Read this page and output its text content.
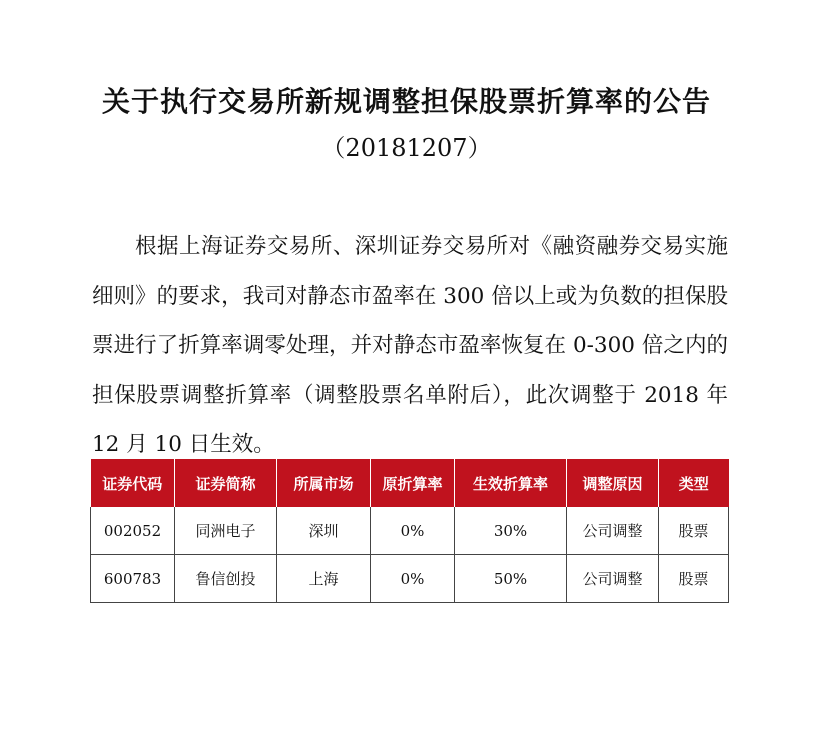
关于执行交易所新规调整担保股票折算率的公告
（20181207）

根据上海证券交易所、深圳证券交易所对《融资融券交易实施细则》的要求，我司对静态市盈率在 300 倍以上或为负数的担保股票进行了折算率调零处理，并对静态市盈率恢复在 0-300 倍之内的担保股票调整折算率（调整股票名单附后），此次调整于 2018 年 12 月 10 日生效。

证券代码	证券简称	所属市场	原折算率	生效折算率	调整原因	类型
002052	同洲电子	深圳	0%	30%	公司调整	股票
600783	鲁信创投	上海	0%	50%	公司调整	股票
